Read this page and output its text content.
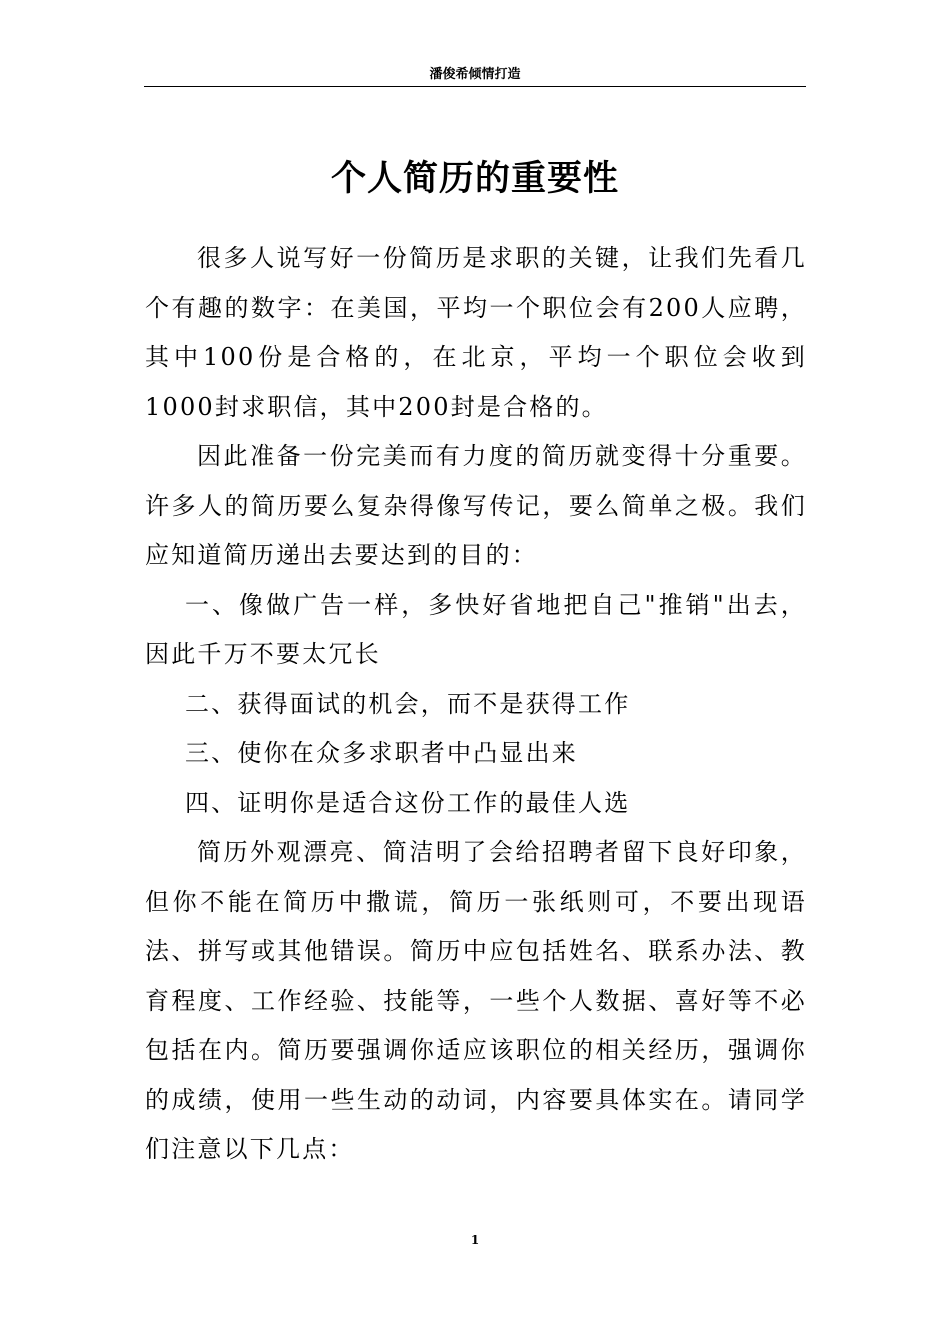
潘俊希倾情打造
个人简历的重要性

很多人说写好一份简历是求职的关键，让我们先看几个有趣的数字：在美国，平均一个职位会有200人应聘，其中100份是合格的，在北京，平均一个职位会收到1000封求职信，其中200封是合格的。

因此准备一份完美而有力度的简历就变得十分重要。许多人的简历要么复杂得像写传记，要么简单之极。我们应知道简历递出去要达到的目的：

一、像做广告一样，多快好省地把自己"推销"出去，因此千万不要太冗长

二、获得面试的机会，而不是获得工作

三、使你在众多求职者中凸显出来

四、证明你是适合这份工作的最佳人选

简历外观漂亮、简洁明了会给招聘者留下良好印象，但你不能在简历中撒谎，简历一张纸则可，不要出现语法、拼写或其他错误。简历中应包括姓名、联系办法、教育程度、工作经验、技能等，一些个人数据、喜好等不必包括在内。简历要强调你适应该职位的相关经历，强调你的成绩，使用一些生动的动词，内容要具体实在。请同学们注意以下几点：

1
